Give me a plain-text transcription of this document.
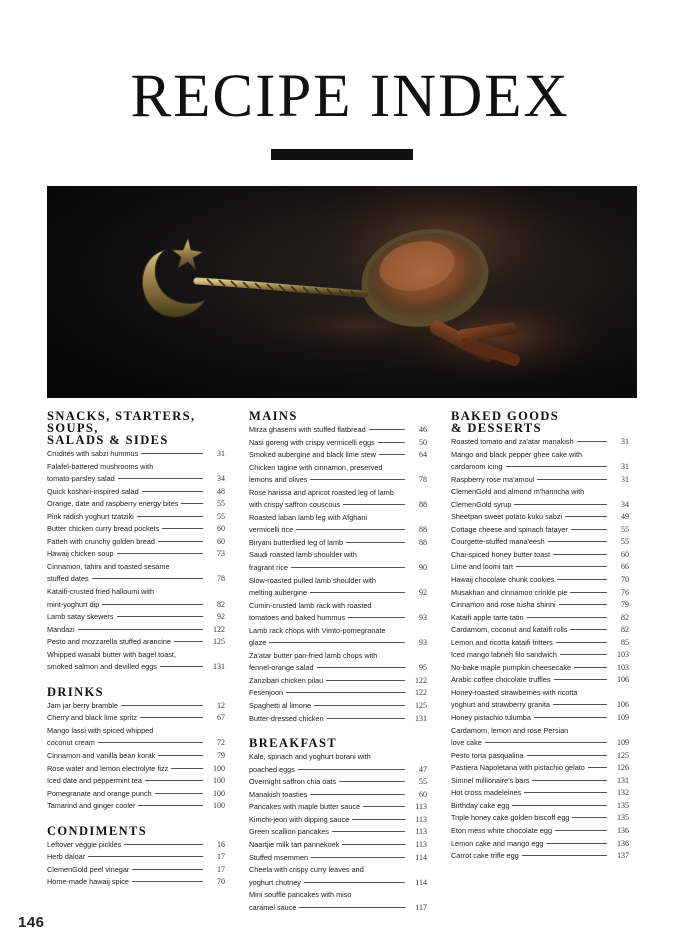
RECIPE INDEX
SNACKS, STARTERS, SOUPS,
SALADS & SIDES
Crudités with sabzi hummus	31
Falafel-battered mushrooms with
tomato-parsley salad	34
Quick koshari-inspired salad	48
Orange, date and raspberry energy bites	55
Pink radish yoghurt tzatziki	55
Butter chicken curry bread pockets	60
Fatteh with crunchy golden bread	60
Hawaij chicken soup	73
Cinnamon, tahini and toasted sesame
stuffed dates	78
Kataifi-crusted fried halloumi with
mint-yoghurt dip	82
Lamb satay skewers	92
Mandazi	122
Pesto and mozzarella stuffed arancine	125
Whipped wasabi butter with bagel toast,
smoked salmon and devilled eggs	131
DRINKS
Jam jar berry bramble	12
Cherry and black lime spritz	67
Mango lassi with spiced whipped
coconut cream	72
Cinnamon and vanilla bean korak	79
Rose water and lemon electrolyte fizz	100
Iced date and peppermint tea	100
Pomegranate and orange punch	100
Tamarind and ginger cooler	100
CONDIMENTS
Leftover veggie pickles	16
Herb daloar	17
ClemenGold peel vinegar	17
Home-made hawaij spice	70
MAINS
Mirza ghasemi with stuffed flatbread	46
Nasi goreng with crispy vermicelli eggs	50
Smoked aubergine and black lime stew	64
Chicken tagine with cinnamon, preserved
lemons and olives	78
Rose harissa and apricot roasted leg of lamb
with crispy saffron couscous	88
Roasted laban lamb leg with Afghani
vermicelli rice	88
Biryani butterflied leg of lamb	88
Saudi roasted lamb shoulder with
fragrant rice	90
Slow-roasted pulled lamb shoulder with
melting aubergine	92
Cumin-crusted lamb rack with roasted
tomatoes and baked hummus	93
Lamb rack chops with Vimto-pomegranate
glaze	93
Za'atar butter pan-fried lamb chops with
fennel-orange salad	95
Zanzibari chicken pilau	122
Fesenjoon	122
Spaghetti al limone	125
Butter-dressed chicken	131
BREAKFAST
Kale, spinach and yoghurt borani with
poached eggs	47
Overnight saffron chia oats	55
Manakish toasties	60
Pancakes with maple butter sauce	113
Kimchi-jeon with dipping sauce	113
Green scallion pancakes	113
Naartjie milk tart pannekoek	113
Stuffed msemmen	114
Cheela with crispy curry leaves and
yoghurt chutney	114
Mini soufflé pancakes with miso
caramel sauce	117
BAKED GOODS
& DESSERTS
Roasted tomato and za'atar manakish	31
Mango and black pepper ghee cake with
cardamom icing	31
Raspberry rose ma'amoul	31
ClemenGold and almond m'hanncha with
ClemenGold syrup	34
Sheetpan sweet potato kuku sabzi	49
Cottage cheese and spinach fatayer	55
Courgette-stuffed mana'eesh	55
Chai-spiced honey butter toast	60
Lime and loomi tart	66
Hawaij chocolate chunk cookies	70
Musakhan and cinnamon crinkle pie	76
Cinnamon and rose tusha shinni	79
Kataifi apple tarte tatin	82
Cardamom, coconut and kataifi rolls	82
Lemon and ricotta kataifi fritters	85
Iced mango labneh filo sandwich	103
No-bake maple pumpkin cheesecake	103
Arabic coffee chocolate truffles	106
Honey-roasted strawberries with ricotta
yoghurt and strawberry granita	106
Honey pistachio tulumba	109
Cardamom, lemon and rose Persian
love cake	109
Pesto torta pasqualina	125
Pastiera Napoletana with pistachio gelato	126
Simnel millionaire's bars	131
Hot cross madeleines	132
Birthday cake egg	135
Triple honey cake golden biscoff egg	135
Eton mess white chocolate egg	136
Lemon cake and mango egg	136
Carrot cake trifle egg	137
146
